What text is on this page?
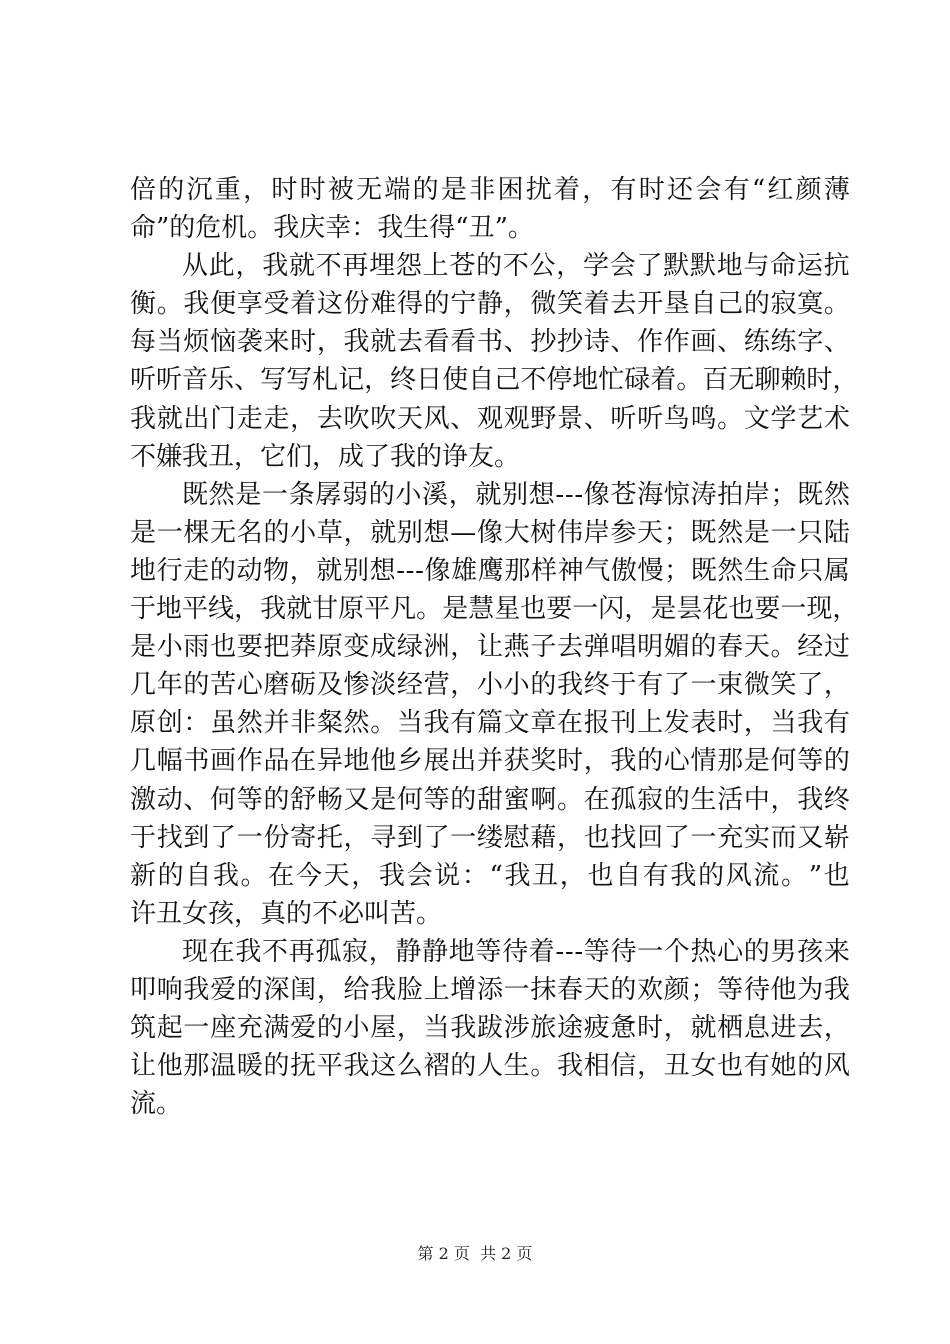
倍 的 沉 重 ， 时 时 被 无 端 的 是 非 困 扰 着 ， 有 时 还 会 有 “ 红 颜 薄
命”的危机。我庆幸：我生得“丑”。
从 此 ， 我 就 不 再 埋 怨 上 苍 的 不 公 ， 学 会 了 默 默 地 与 命 运 抗
衡 。 我 便 享 受 着 这 份 难 得 的 宁 静 ， 微 笑 着 去 开 垦 自 己 的 寂 寞 。
每 当 烦 恼 袭 来 时 ， 我 就 去 看 看 书 、 抄 抄 诗 、 作 作 画 、 练 练 字 、
听 听 音 乐 、 写 写 札 记 ， 终 日 使 自 己 不 停 地 忙 碌 着 。 百 无 聊 赖 时 ，
我 就 出 门 走 走 ， 去 吹 吹 天 风 、 观 观 野 景 、 听 听 鸟 鸣 。 文 学 艺 术
不嫌我丑，它们，成了我的诤友。
既 然 是 一 条 孱 弱 的 小 溪 ， 就 别 想 - - - 像 苍 海 惊 涛 拍 岸 ； 既 然
是 一 棵 无 名 的 小 草 ， 就 别 想 — 像 大 树 伟 岸 参 天 ； 既 然 是 一 只 陆
地 行 走 的 动 物 ， 就 别 想 - - - 像 雄 鹰 那 样 神 气 傲 慢 ； 既 然 生 命 只 属
于 地 平 线 ， 我 就 甘 原 平 凡 。 是 慧 星 也 要 一 闪 ， 是 昙 花 也 要 一 现 ，
是 小 雨 也 要 把 莽 原 变 成 绿 洲 ， 让 燕 子 去 弹 唱 明 媚 的 春 天 。 经 过
几 年 的 苦 心 磨 砺 及 惨 淡 经 营 ， 小 小 的 我 终 于 有 了 一 束 微 笑 了 ，
原 创 ： 虽 然 并 非 粲 然 。 当 我 有 篇 文 章 在 报 刊 上 发 表 时 ， 当 我 有
几 幅 书 画 作 品 在 异 地 他 乡 展 出 并 获 奖 时 ， 我 的 心 情 那 是 何 等 的
激 动 、 何 等 的 舒 畅 又 是 何 等 的 甜 蜜 啊 。 在 孤 寂 的 生 活 中 ， 我 终
于 找 到 了 一 份 寄 托 ， 寻 到 了 一 缕 慰 藉 ， 也 找 回 了 一 充 实 而 又 崭
新 的 自 我 。 在 今 天 ， 我 会 说 ： “ 我 丑 ， 也 自 有 我 的 风 流 。 ” 也
许丑女孩，真的不必叫苦。
现 在 我 不 再 孤 寂 ， 静 静 地 等 待 着 - - - 等 待 一 个 热 心 的 男 孩 来
叩 响 我 爱 的 深 闺 ， 给 我 脸 上 增 添 一 抹 春 天 的 欢 颜 ； 等 待 他 为 我
筑 起 一 座 充 满 爱 的 小 屋 ， 当 我 跋 涉 旅 途 疲 惫 时 ， 就 栖 息 进 去 ，
让 他 那 温 暖 的 抚 平 我 这 么 褶 的 人 生 。 我 相 信 ， 丑 女 也 有 她 的 风
流。
第 2 页  共 2 页
